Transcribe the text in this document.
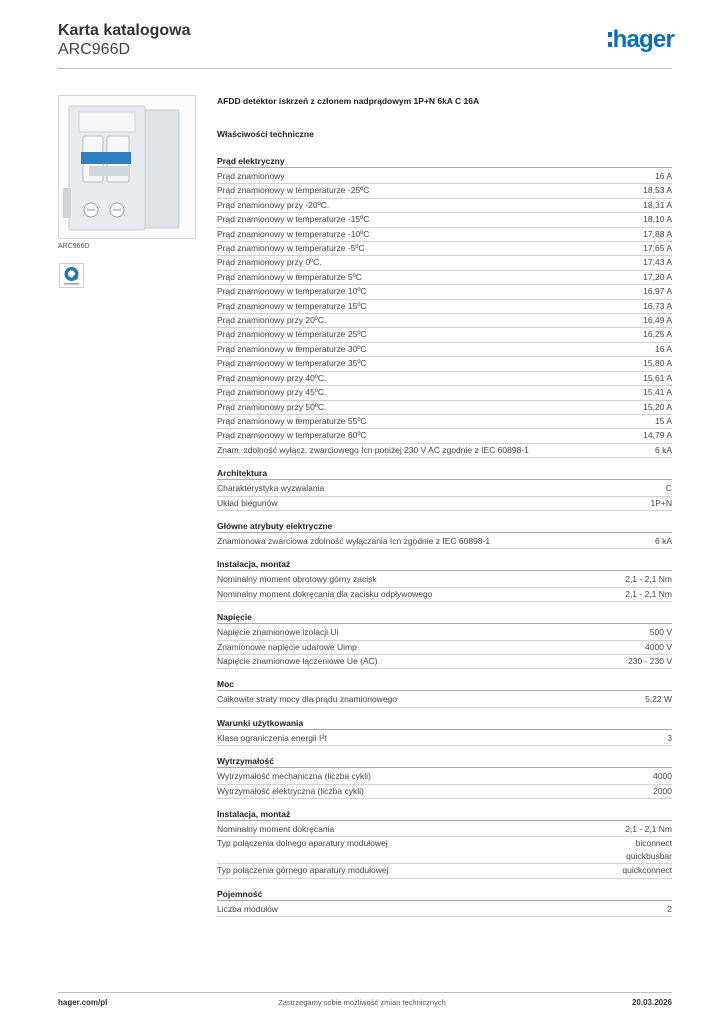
Karta katalogowa
ARC966D	hager
ARC966D
AFDD detektor iskrzeń z członem nadprądowym 1P+N 6kA C 16A
Właściwości techniczne
Prąd elektryczny
Prąd znamionowy	16 A
Prąd znamionowy w temperaturze -25ºC	18,53 A
Prąd znamionowy przy -20ºC.	18,31 A
Prąd znamionowy w temperaturze -15ºC	18,10 A
Prąd znamionowy w temperaturze -10ºC	17,88 A
Prąd znamionowy w temperaturze -5ºC	17,65 A
Prąd znamionowy przy 0ºC.	17,43 A
Prąd znamionowy w temperaturze 5ºC	17,20 A
Prąd znamionowy w temperaturze 10ºC	16,97 A
Prąd znamionowy w temperaturze 15ºC	16,73 A
Prąd znamionowy przy 20ºC.	16,49 A
Prąd znamionowy w temperaturze 25ºC	16,25 A
Prąd znamionowy w temperaturze 30ºC	16 A
Prąd znamionowy w temperaturze 35ºC	15,80 A
Prąd znamionowy przy 40ºC.	15,61 A
Prąd znamionowy przy 45ºC.	15,41 A
Prąd znamionowy przy 50ºC.	15,20 A
Prąd znamionowy w temperaturze 55ºC	15 A
Prąd znamionowy w temperaturze 60ºC	14,79 A
Znam. zdolność wyłącz. zwarciowego Icn poniżej 230 V AC zgodnie z IEC 60898-1	6 kA
Architektura
Charakterystyka wyzwalania	C
Układ biegunów	1P+N
Główne atrybuty elektryczne
Znamionowa zwarciowa zdolność wyłączania Icn zgodnie z IEC 60898-1	6 kA
Instalacja, montaż
Nominalny moment obrotowy górny zacisk	2,1 - 2,1 Nm
Nominalny moment dokręcania dla zacisku odpływowego	2,1 - 2,1 Nm
Napięcie
Napięcie znamionowe izolacji Ui	500 V
Znamionowe napięcie udarowe Uimp	4000 V
Napięcie znamionowe łączeniowe Ue (AC)	230 - 230 V
Moc
Całkowite straty mocy dla prądu znamionowego	5,22 W
Warunki użytkowania
Klasa ograniczenia energii I²t	3
Wytrzymałość
Wytrzymałość mechaniczna (liczba cykli)	4000
Wytrzymałość elektryczna (liczba cykli)	2000
Instalacja, montaż
Nominalny moment dokręcania	2,1 - 2,1 Nm
Typ połączenia dolnego aparatury modułowej	biconnect
quickbusbar
Typ połączenia górnego aparatury modułowej	quickconnect
Pojemność
Liczba modułów	2
hager.com/pl	Zastrzegamy sobie możliwość zmian technicznych	20.03.2026
